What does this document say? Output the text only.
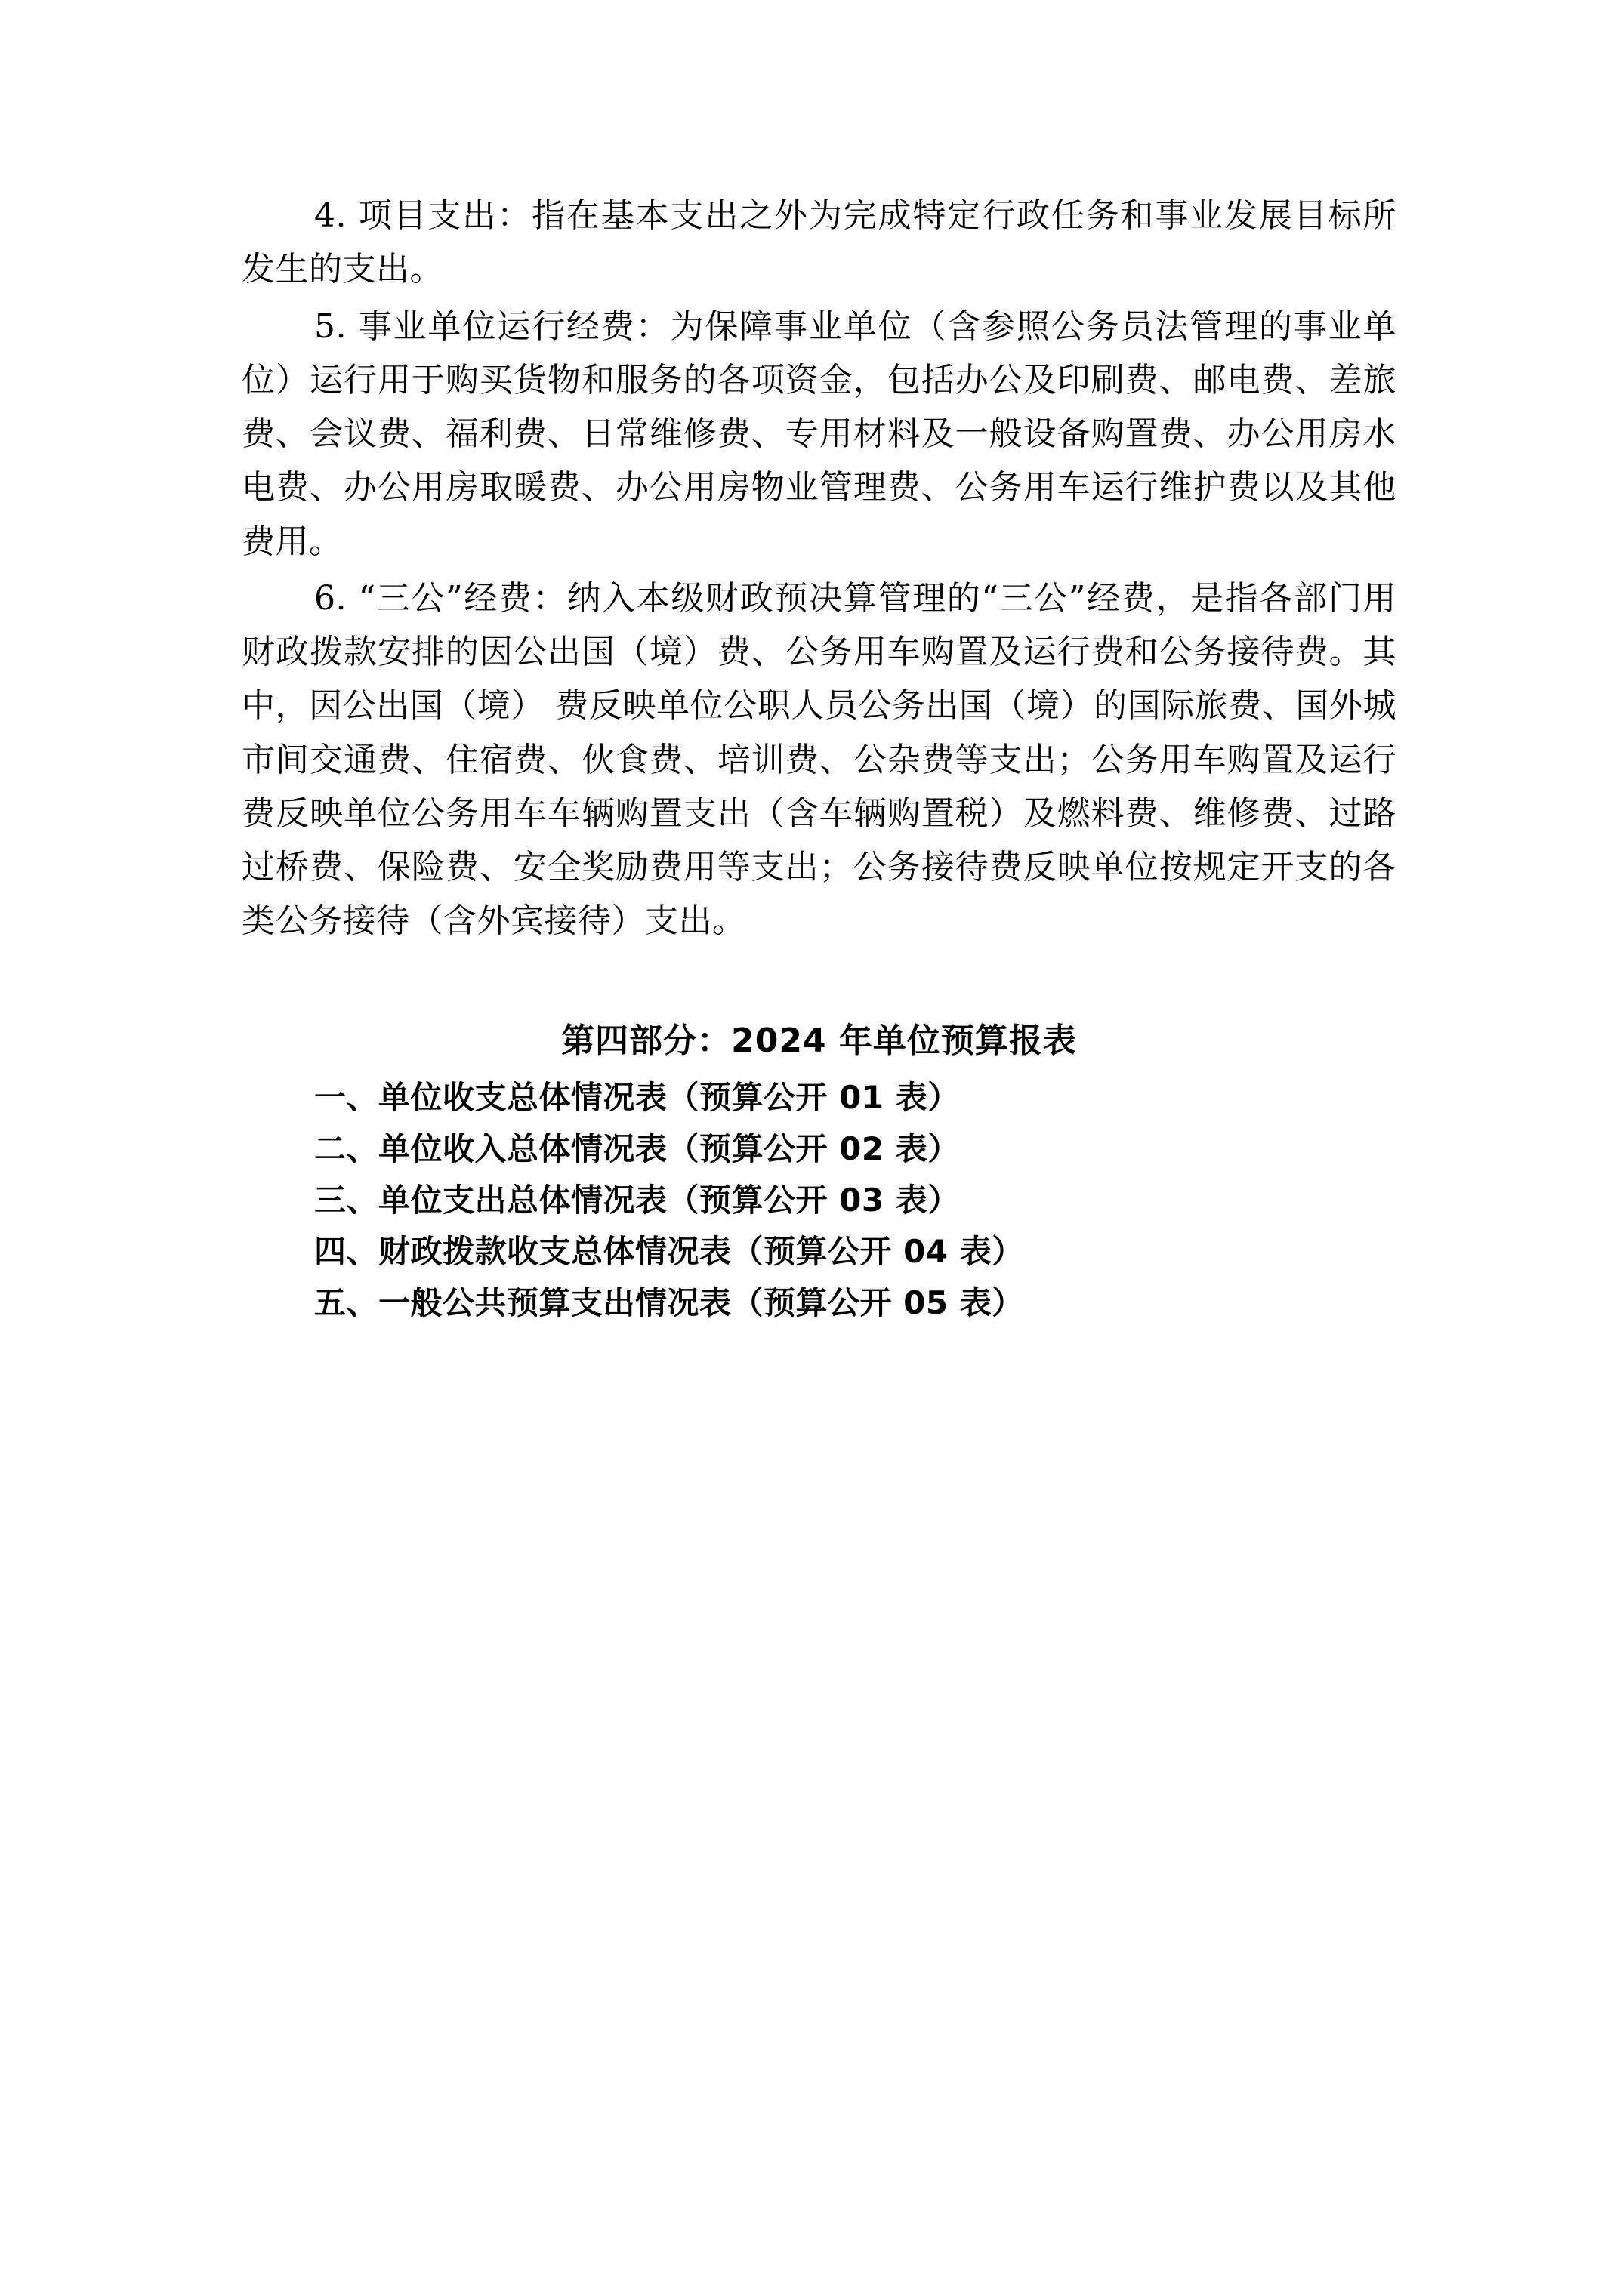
4. 项目支出：指在基本支出之外为完成特定行政任务和事业发展目标所发生的支出。

5. 事业单位运行经费：为保障事业单位（含参照公务员法管理的事业单位）运行用于购买货物和服务的各项资金，包括办公及印刷费、邮电费、差旅费、会议费、福利费、日常维修费、专用材料及一般设备购置费、办公用房水电费、办公用房取暖费、办公用房物业管理费、公务用车运行维护费以及其他费用。

6. “三公”经费：纳入本级财政预决算管理的“三公”经费，是指各部门用财政拨款安排的因公出国（境）费、公务用车购置及运行费和公务接待费。其中，因公出国（境） 费反映单位公职人员公务出国（境）的国际旅费、国外城市间交通费、住宿费、伙食费、培训费、公杂费等支出；公务用车购置及运行费反映单位公务用车车辆购置支出（含车辆购置税）及燃料费、维修费、过路过桥费、保险费、安全奖励费用等支出；公务接待费反映单位按规定开支的各类公务接待（含外宾接待）支出。

第四部分：2024 年单位预算报表

一、单位收支总体情况表（预算公开 01 表）

二、单位收入总体情况表（预算公开 02 表）

三、单位支出总体情况表（预算公开 03 表）

四、财政拨款收支总体情况表（预算公开 04 表）

五、一般公共预算支出情况表（预算公开 05 表）
